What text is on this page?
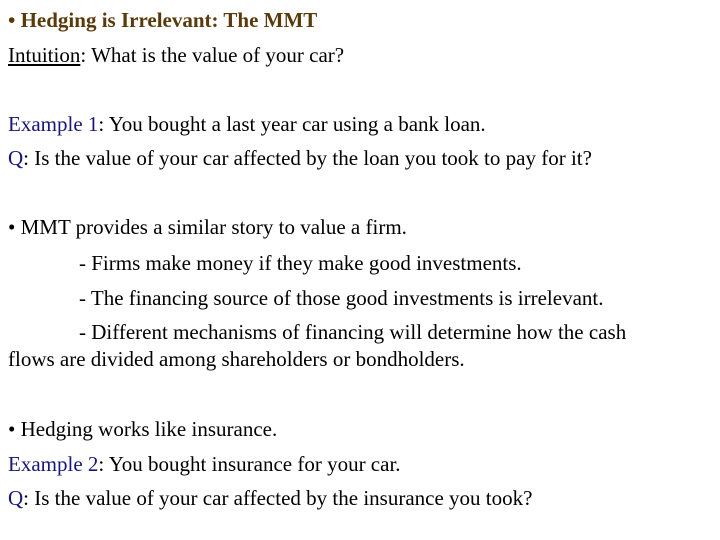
• Hedging is Irrelevant: The MMT
Intuition: What is the value of your car?
Example 1: You bought a last year car using a bank loan.
Q: Is the value of your car affected by the loan you took to pay for it?
• MMT provides a similar story to value a firm.
- Firms make money if they make good investments.
- The financing source of those good investments is irrelevant.
- Different mechanisms of financing will determine how the cash
flows are divided among shareholders or bondholders.
• Hedging works like insurance.
Example 2: You bought insurance for your car.
Q: Is the value of your car affected by the insurance you took?
